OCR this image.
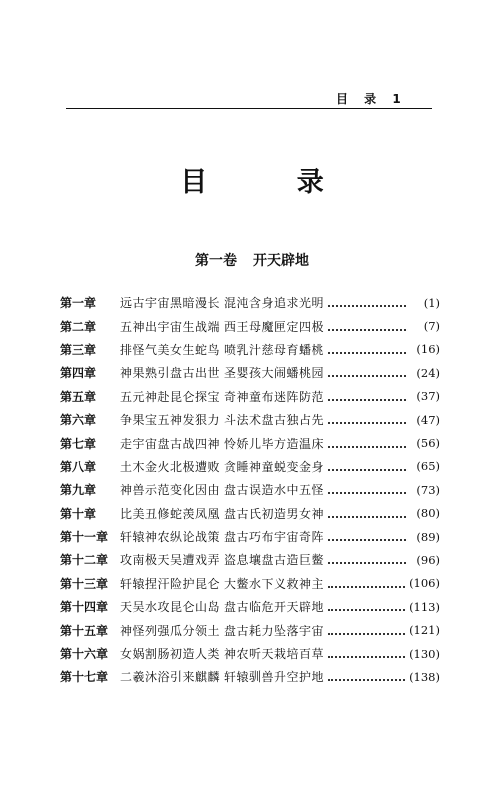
目 录 1
目 录
第一卷 开天辟地
第一章	远古宇宙黑暗漫长 混沌含身追求光明	(1)
第二章	五神出宇宙生战端 西王母魔匣定四极	(7)
第三章	排怪气美女生蛇鸟 喷乳汁慈母育蟠桃	(16)
第四章	神果熟引盘古出世 圣婴孩大闹蟠桃园	(24)
第五章	五元神赴昆仑探宝 奇神童布迷阵防范	(37)
第六章	争果宝五神发狠力 斗法术盘古独占先	(47)
第七章	走宇宙盘古战四神 怜娇儿毕方造温床	(56)
第八章	土木金火北极遭败 贪睡神童蜕变金身	(65)
第九章	神兽示范变化因由 盘古误造水中五怪	(73)
第十章	比美丑修蛇羡凤凰 盘古氏初造男女神	(80)
第十一章 轩辕神农纵论战策 盘古巧布宇宙奇阵	(89)
第十二章 攻南极天吴遭戏弄 盗息壤盘古造巨鳖	(96)
第十三章 轩辕捏汗险护昆仑 大鳖水下义救神主	(106)
第十四章 天吴水攻昆仑山岛 盘古临危开天辟地	(113)
第十五章 神怪列强瓜分领土 盘古耗力坠落宇宙	(121)
第十六章 女娲割肠初造人类 神农听天栽培百草	(130)
第十七章 二羲沐浴引来麒麟 轩辕驯兽升空护地	(138)
